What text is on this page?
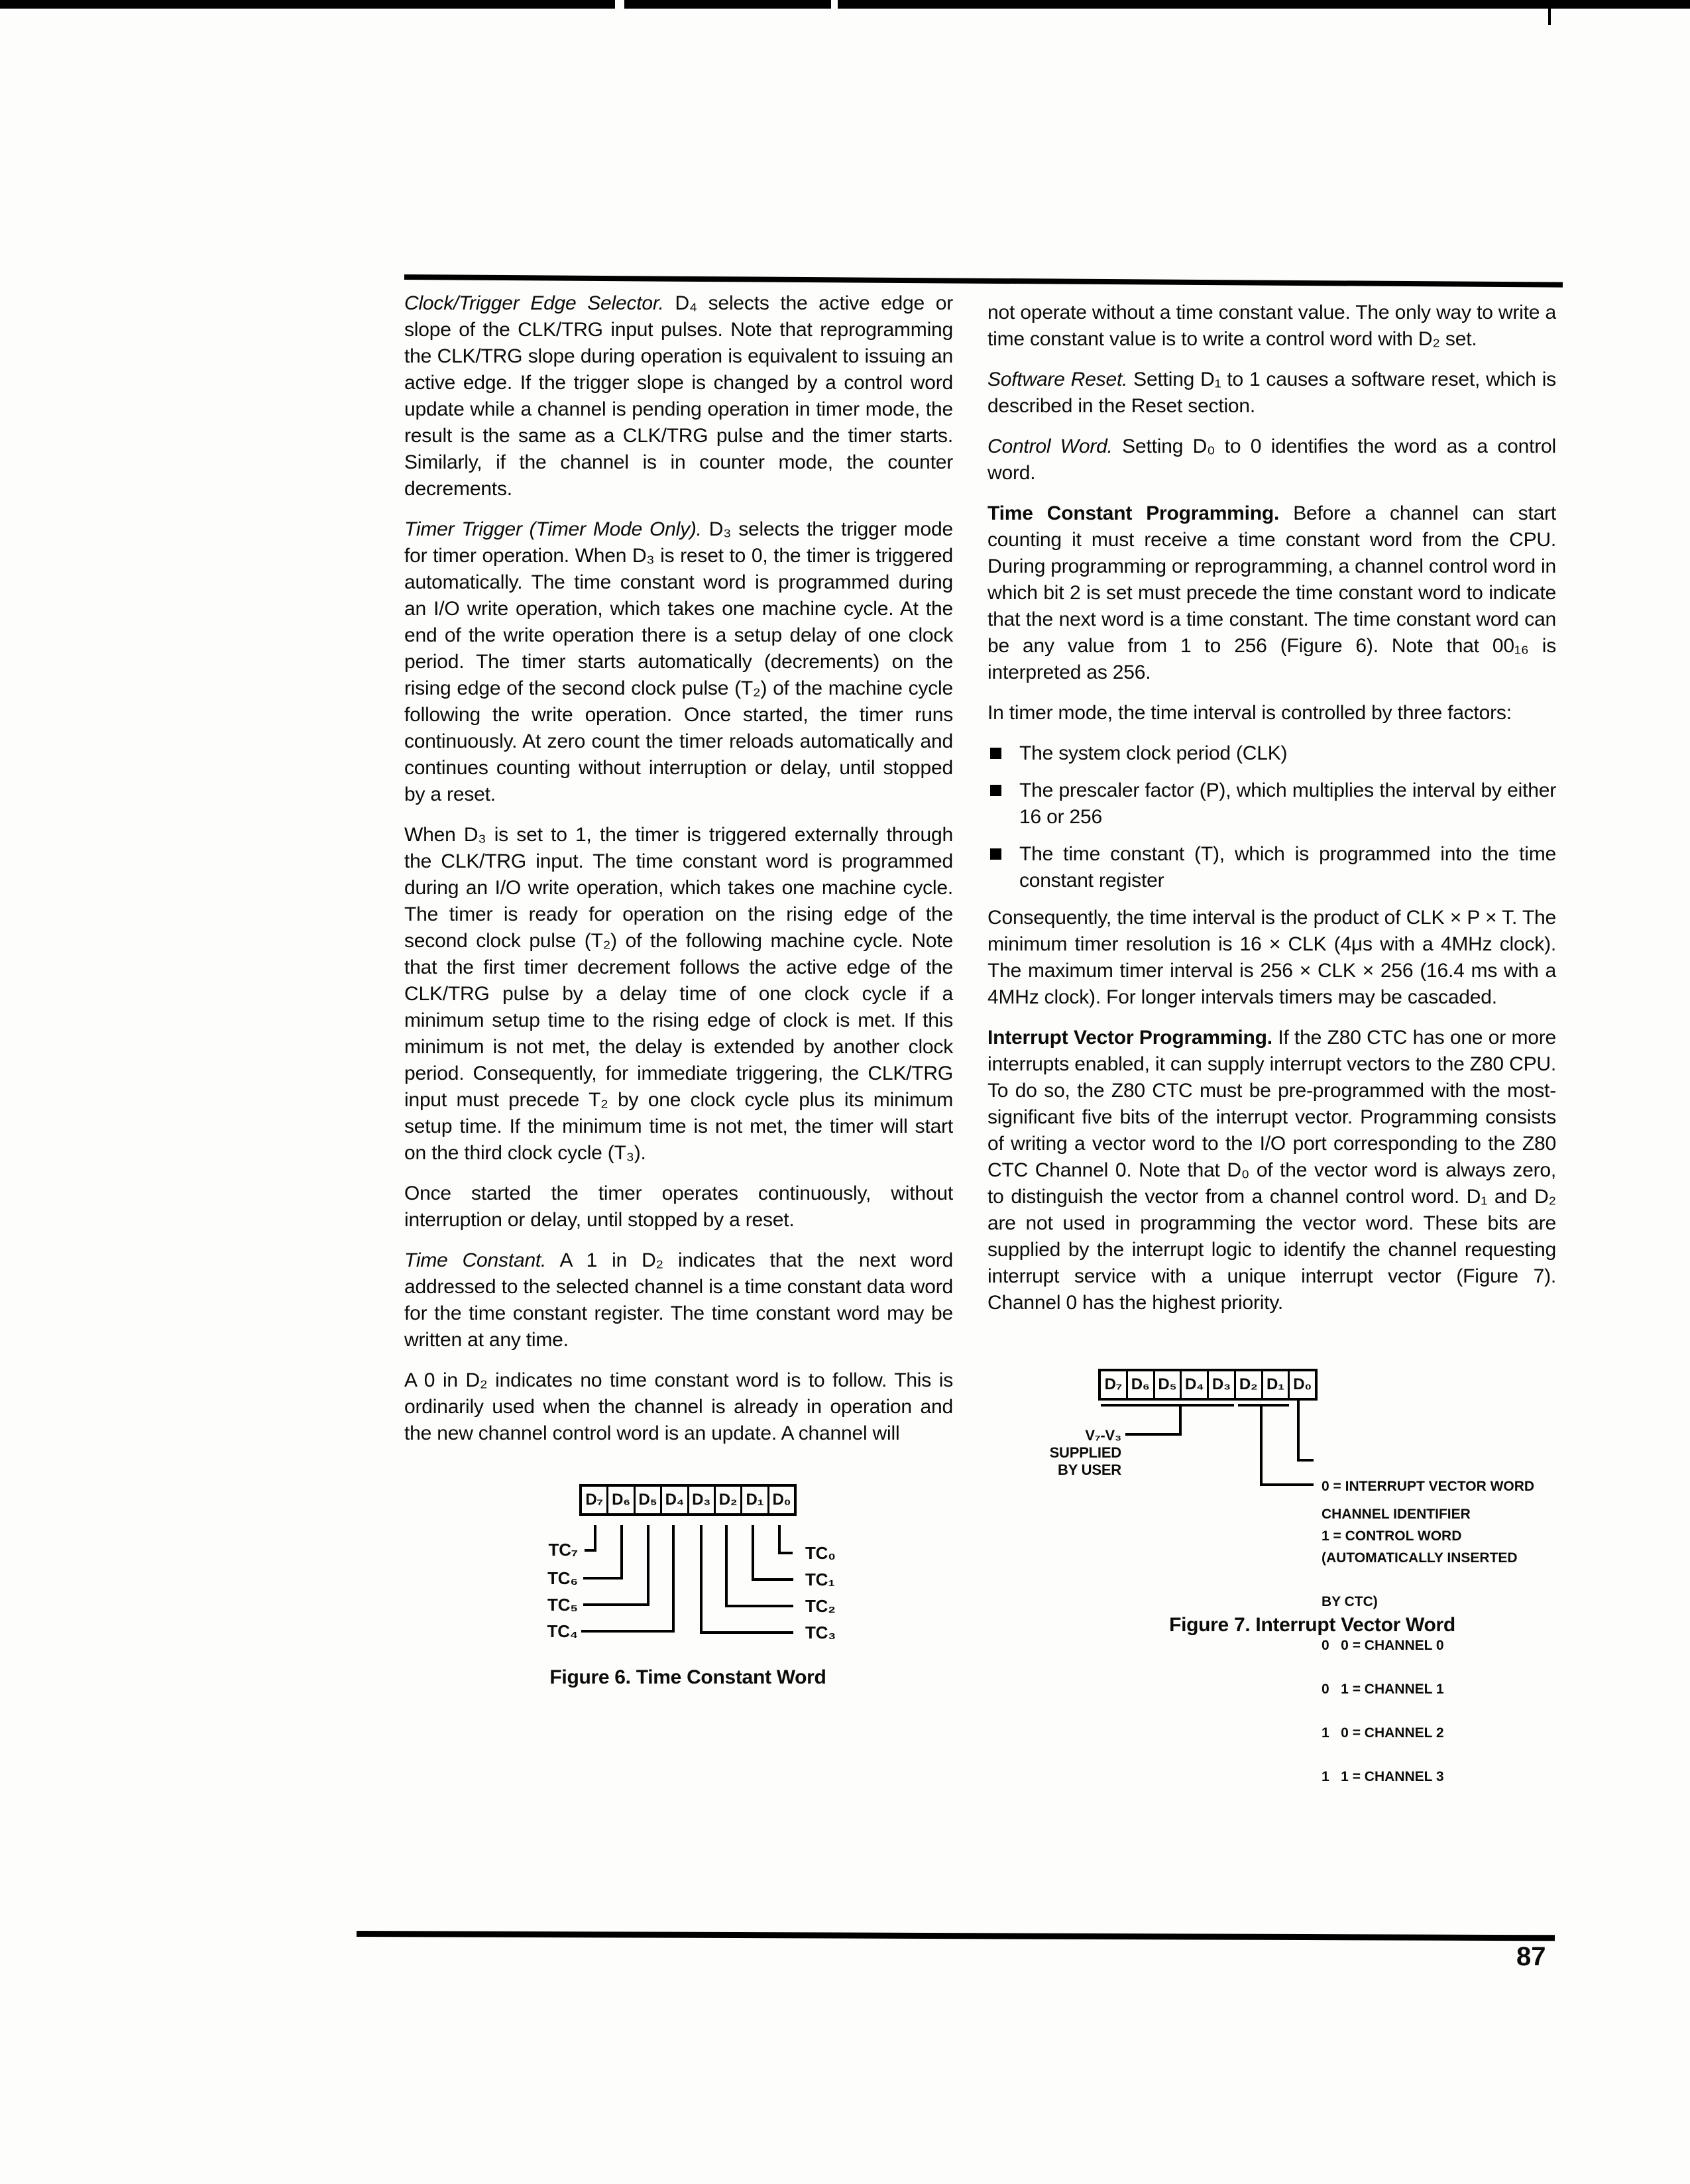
Clock/Trigger Edge Selector. D₄ selects the active edge or slope of the CLK/TRG input pulses. Note that reprogramming the CLK/TRG slope during operation is equivalent to issuing an active edge. If the trigger slope is changed by a control word update while a channel is pending operation in timer mode, the result is the same as a CLK/TRG pulse and the timer starts. Similarly, if the channel is in counter mode, the counter decrements.

Timer Trigger (Timer Mode Only). D₃ selects the trigger mode for timer operation. When D₃ is reset to 0, the timer is triggered automatically. The time constant word is programmed during an I/O write operation, which takes one machine cycle. At the end of the write operation there is a setup delay of one clock period. The timer starts automatically (decrements) on the rising edge of the second clock pulse (T₂) of the machine cycle following the write operation. Once started, the timer runs continuously. At zero count the timer reloads automatically and continues counting without interruption or delay, until stopped by a reset.

When D₃ is set to 1, the timer is triggered externally through the CLK/TRG input. The time constant word is programmed during an I/O write operation, which takes one machine cycle. The timer is ready for operation on the rising edge of the second clock pulse (T₂) of the following machine cycle. Note that the first timer decrement follows the active edge of the CLK/TRG pulse by a delay time of one clock cycle if a minimum setup time to the rising edge of clock is met. If this minimum is not met, the delay is extended by another clock period. Consequently, for immediate triggering, the CLK/TRG input must precede T₂ by one clock cycle plus its minimum setup time. If the minimum time is not met, the timer will start on the third clock cycle (T₃).

Once started the timer operates continuously, without interruption or delay, until stopped by a reset.

Time Constant. A 1 in D₂ indicates that the next word addressed to the selected channel is a time constant data word for the time constant register. The time constant word may be written at any time.

A 0 in D₂ indicates no time constant word is to follow. This is ordinarily used when the channel is already in operation and the new channel control word is an update. A channel will

D₇ D₆ D₅ D₄ D₃ D₂ D₁ D₀
TC₇
TC₆
TC₅
TC₄
TC₀
TC₁
TC₂
TC₃
Figure 6. Time Constant Word

not operate without a time constant value. The only way to write a time constant value is to write a control word with D₂ set.

Software Reset. Setting D₁ to 1 causes a software reset, which is described in the Reset section.

Control Word. Setting D₀ to 0 identifies the word as a control word.

Time Constant Programming. Before a channel can start counting it must receive a time constant word from the CPU. During programming or reprogramming, a channel control word in which bit 2 is set must precede the time constant word to indicate that the next word is a time constant. The time constant word can be any value from 1 to 256 (Figure 6). Note that 00₁₆ is interpreted as 256.

In timer mode, the time interval is controlled by three factors:

The system clock period (CLK)
The prescaler factor (P), which multiplies the interval by either 16 or 256
The time constant (T), which is programmed into the time constant register

Consequently, the time interval is the product of CLK × P × T. The minimum timer resolution is 16 × CLK (4μs with a 4MHz clock). The maximum timer interval is 256 × CLK × 256 (16.4 ms with a 4MHz clock). For longer intervals timers may be cascaded.

Interrupt Vector Programming. If the Z80 CTC has one or more interrupts enabled, it can supply interrupt vectors to the Z80 CPU. To do so, the Z80 CTC must be pre-programmed with the most-significant five bits of the interrupt vector. Programming consists of writing a vector word to the I/O port corresponding to the Z80 CTC Channel 0. Note that D₀ of the vector word is always zero, to distinguish the vector from a channel control word. D₁ and D₂ are not used in programming the vector word. These bits are supplied by the interrupt logic to identify the channel requesting interrupt service with a unique interrupt vector (Figure 7). Channel 0 has the highest priority.

D₇ D₆ D₅ D₄ D₃ D₂ D₁ D₀
V₇-V₃
SUPPLIED
BY USER

0 = INTERRUPT VECTOR WORD

1 = CONTROL WORD

CHANNEL IDENTIFIER

(AUTOMATICALLY INSERTED

BY CTC)

0   0 = CHANNEL 0

0   1 = CHANNEL 1

1   0 = CHANNEL 2

1   1 = CHANNEL 3

Figure 7. Interrupt Vector Word
87
